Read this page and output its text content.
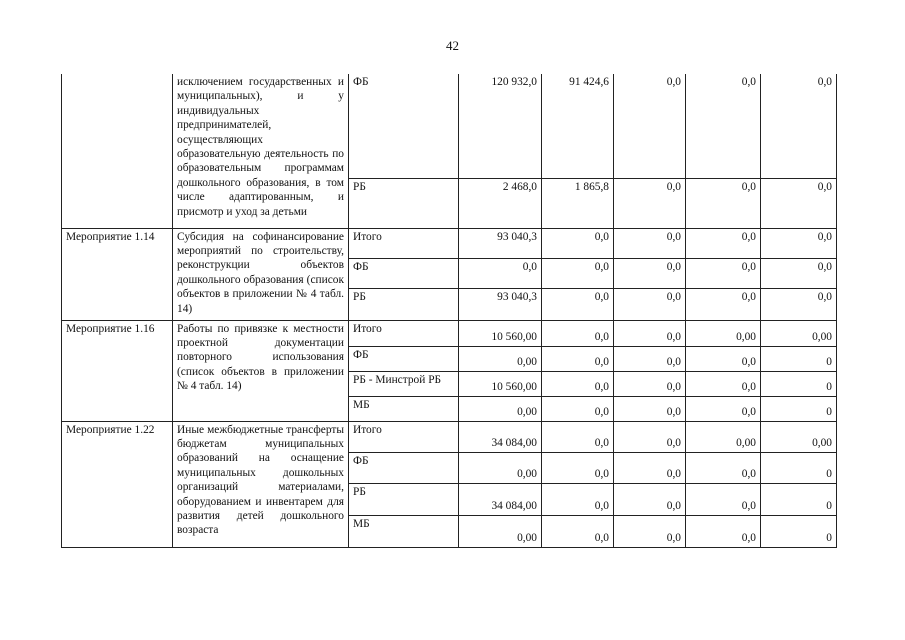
42
	исключением государственных и муниципальных), и у индивидуальных предпринимателей, осуществляющих образовательную деятельность по образовательным программам дошкольного образования, в том числе адаптированным, и присмотр и уход за детьми	ФБ	120 932,0	91 424,6	0,0	0,0	0,0
		РБ	2 468,0	1 865,8	0,0	0,0	0,0
Мероприятие 1.14	Субсидия на софинансирование мероприятий по строительству, реконструкции объектов дошкольного образования (список объектов в приложении № 4 табл. 14)	Итого	93 040,3	0,0	0,0	0,0	0,0
		ФБ	0,0	0,0	0,0	0,0	0,0
		РБ	93 040,3	0,0	0,0	0,0	0,0
Мероприятие 1.16	Работы по привязке к местности проектной документации повторного использования (список объектов в приложении № 4 табл. 14)	Итого	10 560,00	0,0	0,0	0,00	0,00
		ФБ	0,00	0,0	0,0	0,0	0
		РБ - Минстрой РБ	10 560,00	0,0	0,0	0,0	0
		МБ	0,00	0,0	0,0	0,0	0
Мероприятие 1.22	Иные межбюджетные трансферты бюджетам муниципальных образований на оснащение муниципальных дошкольных организаций материалами, оборудованием и инвентарем для развития детей дошкольного возраста	Итого	34 084,00	0,0	0,0	0,00	0,00
		ФБ	0,00	0,0	0,0	0,0	0
		РБ	34 084,00	0,0	0,0	0,0	0
		МБ	0,00	0,0	0,0	0,0	0
